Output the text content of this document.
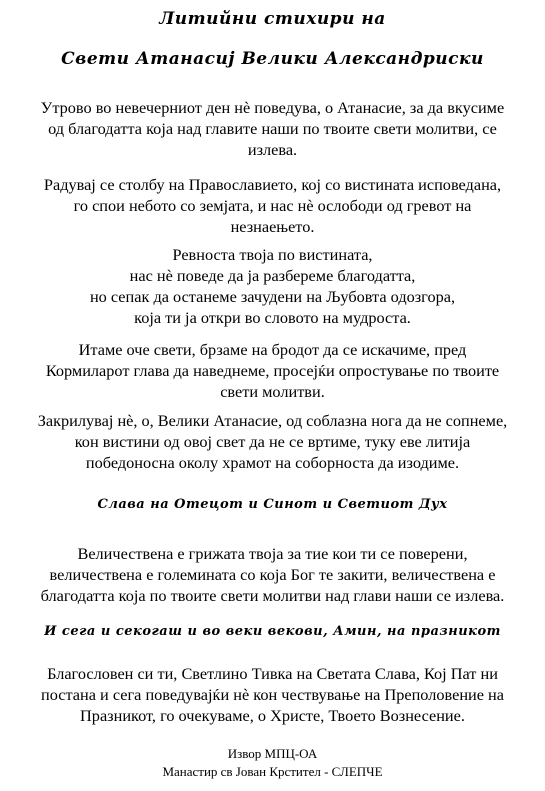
Литийни стихири на
Свети Атанасиј Велики Александриски
Утрово во невечерниот ден нѐ поведува, о Атанасие, за да вкусиме
од благодатта која над главите наши по твоите свети молитви, се
излева.
Радувај се столбу на Православието, кој со вистината исповедана,
го спои небото со земјата, и нас нѐ ослободи од гревот на
незнаењето.
Ревноста твоја по вистината,
нас нѐ поведе да ја разбереме благодатта,
но сепак да останеме зачудени на Љубовта одозгора,
која ти ја откри во словото на мудроста.
Итаме оче свети, брзаме на бродот да се искачиме, пред
Кормиларот глава да наведнеме, просејќи опростување по твоите
свети молитви.
Закрилувај нѐ, о, Велики Атанасие, од соблазна нога да не сопнеме,
кон вистини од овој свет да не се вртиме, туку еве литија
победоносна околу храмот на соборноста да изодиме.
Слава на Отецот и Синот и Светиот Дух
Величествена е грижата твоја за тие кои ти се поверени,
величествена е големината со која Бог те закити, величествена е
благодатта која по твоите свети молитви над глави наши се излева.
И сега и секогаш и во веки векови, Амин, на празникот
Благословен си ти, Светлино Тивка на Светата Слава, Кој Пат ни
постана и сега поведувајќи нѐ кон чествување на Преполовение на
Празникот, го очекуваме, о Христе, Твоето Вознесение.
Извор МПЦ-ОА
Манастир св Јован Крстител - СЛЕПЧЕ
